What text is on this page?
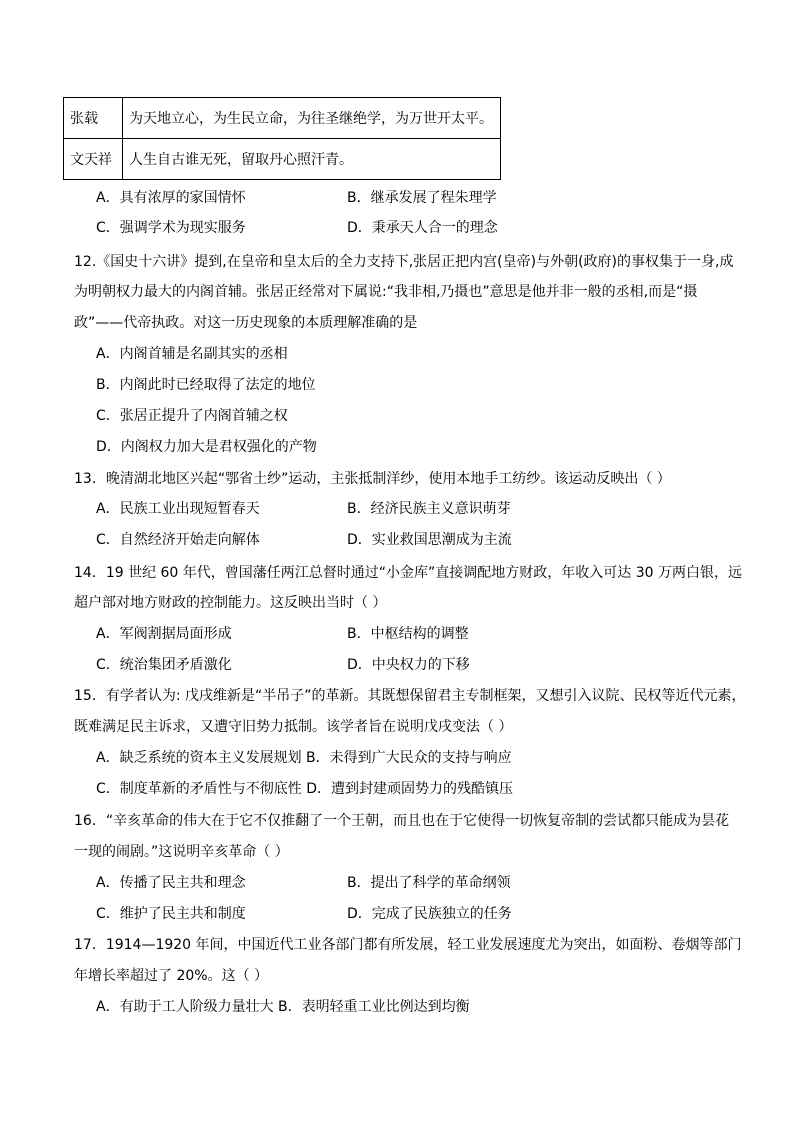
张载	为天地立心，为生民立命，为往圣继绝学，为万世开太平。
文天祥	人生自古谁无死，留取丹心照汗青。
A．具有浓厚的家国情怀	B．继承发展了程朱理学
C．强调学术为现实服务	D．秉承天人合一的理念
12.《国史十六讲》提到,在皇帝和皇太后的全力支持下,张居正把内宫(皇帝)与外朝(政府)的事权集于一身,成
为明朝权力最大的内阁首辅。张居正经常对下属说:“我非相,乃摄也”意思是他并非一般的丞相,而是“摄
政”——代帝执政。对这一历史现象的本质理解准确的是
A．内阁首辅是名副其实的丞相
B．内阁此时已经取得了法定的地位
C．张居正提升了内阁首辅之权
D．内阁权力加大是君权强化的产物
13．晚清湖北地区兴起“鄂省土纱”运动，主张抵制洋纱，使用本地手工纺纱。该运动反映出（ ）
A．民族工业出现短暂春天	B．经济民族主义意识萌芽
C．自然经济开始走向解体	D．实业救国思潮成为主流
14．19 世纪 60 年代，曾国藩任两江总督时通过“小金库”直接调配地方财政，年收入可达 30 万两白银，远
超户部对地方财政的控制能力。这反映出当时（ ）
A．军阀割据局面形成	B．中枢结构的调整
C．统治集团矛盾激化	D．中央权力的下移
15．有学者认为: 戊戌维新是“半吊子”的革新。其既想保留君主专制框架，又想引入议院、民权等近代元素，
既难满足民主诉求，又遭守旧势力抵制。该学者旨在说明戊戌变法（ ）
A．缺乏系统的资本主义发展规划 B．未得到广大民众的支持与响应
C．制度革新的矛盾性与不彻底性 D．遭到封建顽固势力的残酷镇压
16．“辛亥革命的伟大在于它不仅推翻了一个王朝，而且也在于它使得一切恢复帝制的尝试都只能成为昙花
一现的闹剧。”这说明辛亥革命（ ）
A．传播了民主共和理念	B．提出了科学的革命纲领
C．维护了民主共和制度	D．完成了民族独立的任务
17．1914—1920 年间，中国近代工业各部门都有所发展，轻工业发展速度尤为突出，如面粉、卷烟等部门
年增长率超过了 20%。这（ ）
A．有助于工人阶级力量壮大 B．表明轻重工业比例达到均衡
